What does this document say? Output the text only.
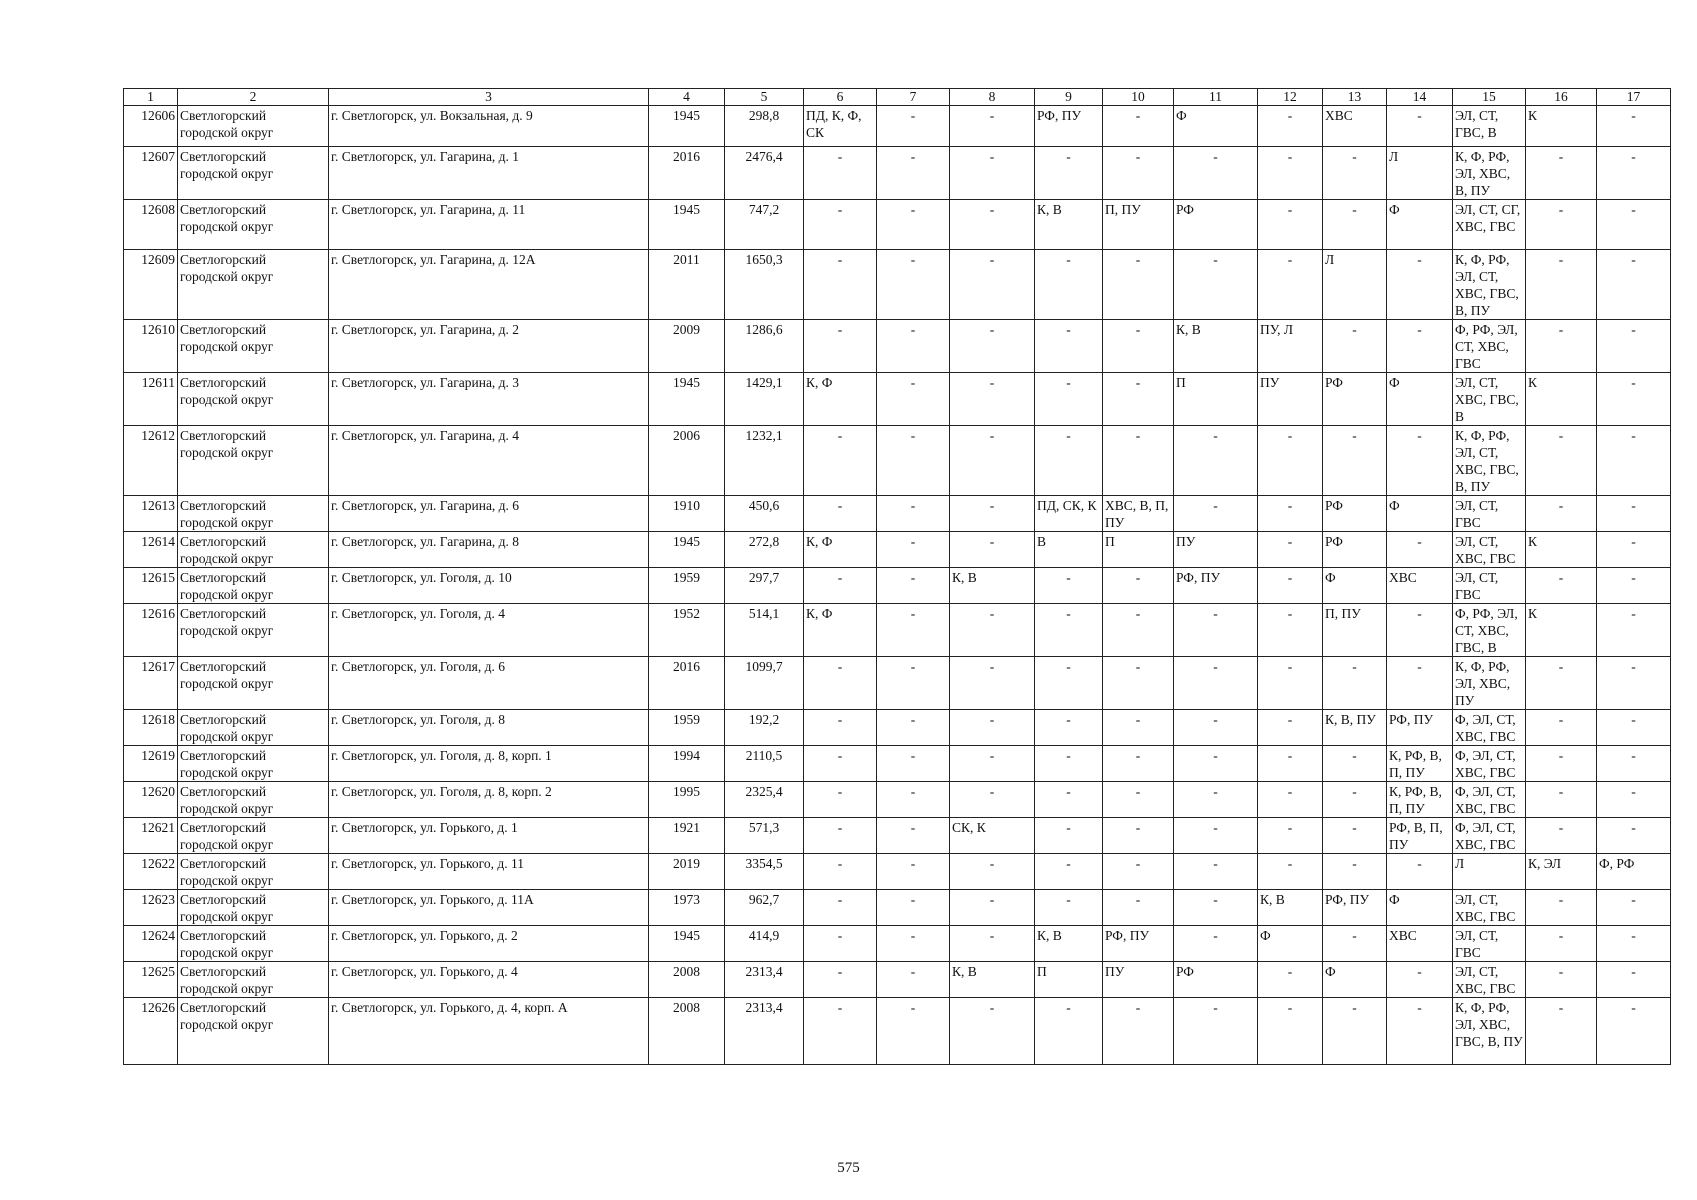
1	2	3	4	5	6	7	8	9	10	11	12	13	14	15	16	17
12606	Светлогорский городской округ	г. Светлогорск, ул. Вокзальная, д. 9	1945	298,8	ПД, К, Ф, СК	-	-	РФ, ПУ	-	Ф	-	ХВС	-	ЭЛ, СТ, ГВС, В	К	-
12607	Светлогорский городской округ	г. Светлогорск, ул. Гагарина, д. 1	2016	2476,4	-	-	-	-	-	-	-	-	Л	К, Ф, РФ, ЭЛ, ХВС, В, ПУ	-	-
12608	Светлогорский городской округ	г. Светлогорск, ул. Гагарина, д. 11	1945	747,2	-	-	-	К, В	П, ПУ	РФ	-	-	Ф	ЭЛ, СТ, СГ, ХВС, ГВС	-	-
12609	Светлогорский городской округ	г. Светлогорск, ул. Гагарина, д. 12А	2011	1650,3	-	-	-	-	-	-	-	Л	-	К, Ф, РФ, ЭЛ, СТ, ХВС, ГВС, В, ПУ	-	-
12610	Светлогорский городской округ	г. Светлогорск, ул. Гагарина, д. 2	2009	1286,6	-	-	-	-	-	К, В	ПУ, Л	-	-	Ф, РФ, ЭЛ, СТ, ХВС, ГВС	-	-
12611	Светлогорский городской округ	г. Светлогорск, ул. Гагарина, д. 3	1945	1429,1	К, Ф	-	-	-	-	П	ПУ	РФ	Ф	ЭЛ, СТ, ХВС, ГВС, В	К	-
12612	Светлогорский городской округ	г. Светлогорск, ул. Гагарина, д. 4	2006	1232,1	-	-	-	-	-	-	-	-	-	К, Ф, РФ, ЭЛ, СТ, ХВС, ГВС, В, ПУ	-	-
12613	Светлогорский городской округ	г. Светлогорск, ул. Гагарина, д. 6	1910	450,6	-	-	-	ПД, СК, К	ХВС, В, П, ПУ	-	-	РФ	Ф	ЭЛ, СТ, ГВС	-	-
12614	Светлогорский городской округ	г. Светлогорск, ул. Гагарина, д. 8	1945	272,8	К, Ф	-	-	В	П	ПУ	-	РФ	-	ЭЛ, СТ, ХВС, ГВС	К	-
12615	Светлогорский городской округ	г. Светлогорск, ул. Гоголя, д. 10	1959	297,7	-	-	К, В	-	-	РФ, ПУ	-	Ф	ХВС	ЭЛ, СТ, ГВС	-	-
12616	Светлогорский городской округ	г. Светлогорск, ул. Гоголя, д. 4	1952	514,1	К, Ф	-	-	-	-	-	-	П, ПУ	-	Ф, РФ, ЭЛ, СТ, ХВС, ГВС, В	К	-
12617	Светлогорский городской округ	г. Светлогорск, ул. Гоголя, д. 6	2016	1099,7	-	-	-	-	-	-	-	-	-	К, Ф, РФ, ЭЛ, ХВС, ПУ	-	-
12618	Светлогорский городской округ	г. Светлогорск, ул. Гоголя, д. 8	1959	192,2	-	-	-	-	-	-	-	К, В, ПУ	РФ, ПУ	Ф, ЭЛ, СТ, ХВС, ГВС	-	-
12619	Светлогорский городской округ	г. Светлогорск, ул. Гоголя, д. 8, корп. 1	1994	2110,5	-	-	-	-	-	-	-	-	К, РФ, В, П, ПУ	Ф, ЭЛ, СТ, ХВС, ГВС	-	-
12620	Светлогорский городской округ	г. Светлогорск, ул. Гоголя, д. 8, корп. 2	1995	2325,4	-	-	-	-	-	-	-	-	К, РФ, В, П, ПУ	Ф, ЭЛ, СТ, ХВС, ГВС	-	-
12621	Светлогорский городской округ	г. Светлогорск, ул. Горького, д. 1	1921	571,3	-	-	СК, К	-	-	-	-	-	РФ, В, П, ПУ	Ф, ЭЛ, СТ, ХВС, ГВС	-	-
12622	Светлогорский городской округ	г. Светлогорск, ул. Горького, д. 11	2019	3354,5	-	-	-	-	-	-	-	-	-	Л	К, ЭЛ	Ф, РФ
12623	Светлогорский городской округ	г. Светлогорск, ул. Горького, д. 11А	1973	962,7	-	-	-	-	-	-	К, В	РФ, ПУ	Ф	ЭЛ, СТ, ХВС, ГВС	-	-
12624	Светлогорский городской округ	г. Светлогорск, ул. Горького, д. 2	1945	414,9	-	-	-	К, В	РФ, ПУ	-	Ф	-	ХВС	ЭЛ, СТ, ГВС	-	-
12625	Светлогорский городской округ	г. Светлогорск, ул. Горького, д. 4	2008	2313,4	-	-	К, В	П	ПУ	РФ	-	Ф	-	ЭЛ, СТ, ХВС, ГВС	-	-
12626	Светлогорский городской округ	г. Светлогорск, ул. Горького, д. 4, корп. А	2008	2313,4	-	-	-	-	-	-	-	-	-	К, Ф, РФ, ЭЛ, ХВС, ГВС, В, ПУ	-	-
575
